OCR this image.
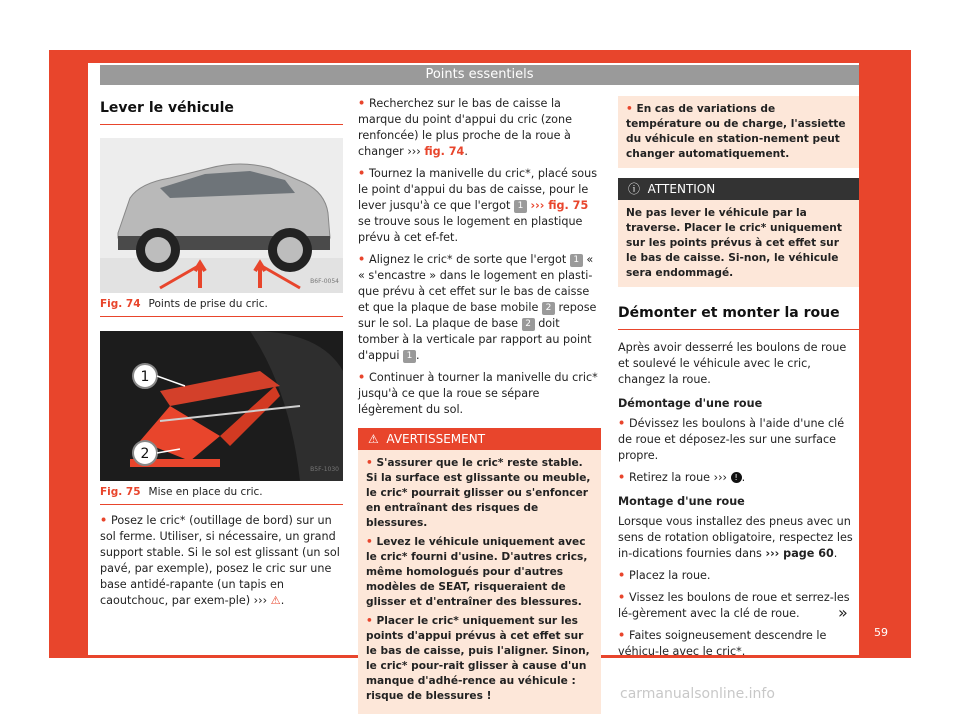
Points essentiels
Lever le véhicule
B6F-0054
Fig. 74 Points de prise du cric.
1
2
B5F-1030
Fig. 75 Mise en place du cric.

• Posez le cric* (outillage de bord) sur un sol ferme. Utiliser, si nécessaire, un grand support stable. Si le sol est glissant (un sol pavé, par exemple), posez le cric sur une base antidé-rapante (un tapis en caoutchouc, par exem-ple) ››› ⚠.

• Recherchez sur le bas de caisse la marque du point d'appui du cric (zone renfoncée) le plus proche de la roue à changer ››› fig. 74.

• Tournez la manivelle du cric*, placé sous le point d'appui du bas de caisse, pour le lever jusqu'à ce que l'ergot 1 ››› fig. 75 se trouve sous le logement en plastique prévu à cet ef-fet.

• Alignez le cric* de sorte que l'ergot 1 « « s'encastre » dans le logement en plasti-que prévu à cet effet sur le bas de caisse et que la plaque de base mobile 2 repose sur le sol. La plaque de base 2 doit tomber à la verticale par rapport au point d'appui 1 .

• Continuer à tourner la manivelle du cric* jusqu'à ce que la roue se sépare légèrement du sol.

⚠ AVERTISSEMENT

• S'assurer que le cric* reste stable. Si la surface est glissante ou meuble, le cric* pourrait glisser ou s'enfoncer en entraînant des risques de blessures.

• Levez le véhicule uniquement avec le cric* fourni d'usine. D'autres crics, même homologués pour d'autres modèles de SEAT, risqueraient de glisser et d'entraîner des blessures.

• Placer le cric* uniquement sur les points d'appui prévus à cet effet sur le bas de caisse, puis l'aligner. Sinon, le cric* pour-rait glisser à cause d'un manque d'adhé-rence au véhicule : risque de blessures !

• En cas de variations de température ou de charge, l'assiette du véhicule en station-nement peut changer automatiquement.
ⓘ ATTENTION
Ne pas lever le véhicule par la traverse. Placer le cric* uniquement sur les points prévus à cet effet sur le bas de caisse. Si-non, le véhicule sera endommagé.
Démonter et monter la roue

Après avoir desserré les boulons de roue et soulevé le véhicule avec le cric, changez la roue.

Démontage d'une roue

• Dévissez les boulons à l'aide d'une clé de roue et déposez-les sur une surface propre.

• Retirez la roue ››› ! .

Montage d'une roue

Lorsque vous installez des pneus avec un sens de rotation obligatoire, respectez les in-dications fournies dans ››› page 60.

• Placez la roue.

• Vissez les boulons de roue et serrez-les lé-gèrement avec la clé de roue.

• Faites soigneusement descendre le véhicu-le avec le cric*.

»
59
carmanualsonline.info
